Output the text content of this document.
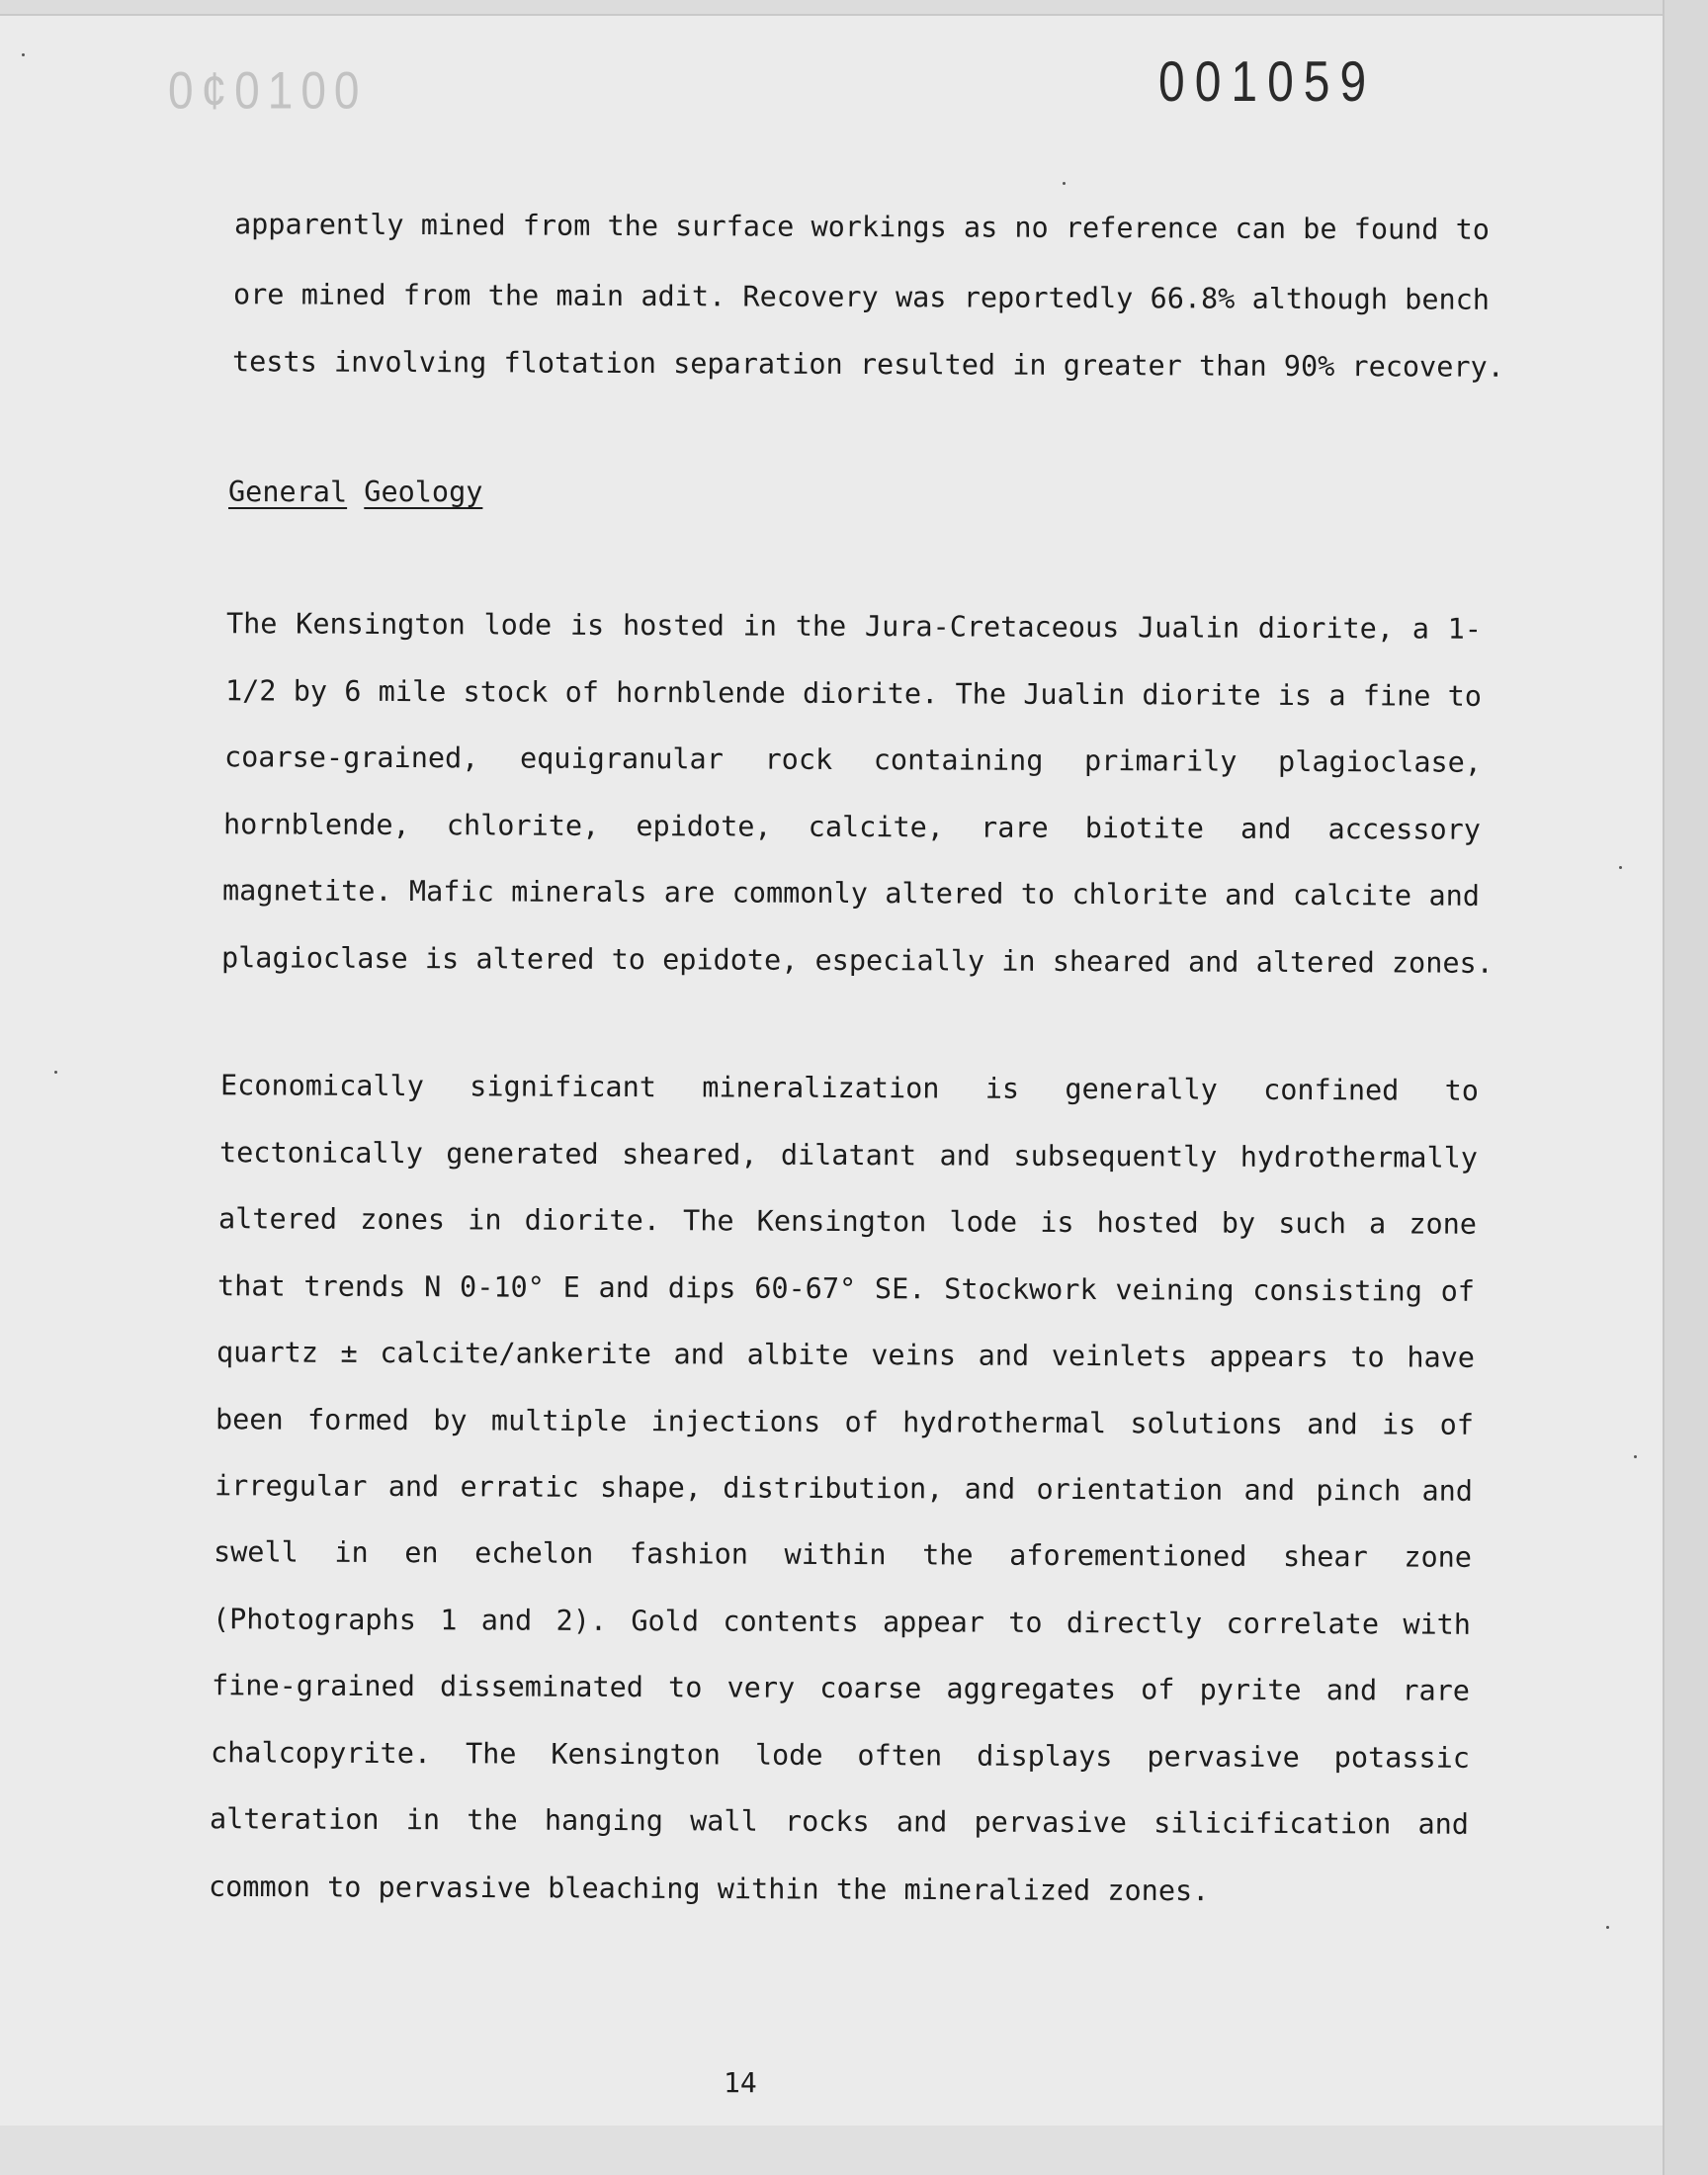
0¢0100	001059
apparently mined from the surface workings as no reference can be found to
ore mined from the main adit. Recovery was reportedly 66.8% although bench
tests involving flotation separation resulted in greater than 90% recovery.
General Geology
The Kensington lode is hosted in the Jura-Cretaceous Jualin diorite, a 1-
1/2 by 6 mile stock of hornblende diorite. The Jualin diorite is a fine to
coarse-grained, equigranular rock containing primarily plagioclase,
hornblende, chlorite, epidote, calcite, rare biotite and accessory
magnetite. Mafic minerals are commonly altered to chlorite and calcite and
plagioclase is altered to epidote, especially in sheared and altered zones.
Economically significant mineralization is generally confined to
tectonically generated sheared, dilatant and subsequently hydrothermally
altered zones in diorite. The Kensington lode is hosted by such a zone
that trends N 0-10° E and dips 60-67° SE. Stockwork veining consisting of
quartz ± calcite/ankerite and albite veins and veinlets appears to have
been formed by multiple injections of hydrothermal solutions and is of
irregular and erratic shape, distribution, and orientation and pinch and
swell in en echelon fashion within the aforementioned shear zone
(Photographs 1 and 2). Gold contents appear to directly correlate with
fine-grained disseminated to very coarse aggregates of pyrite and rare
chalcopyrite. The Kensington lode often displays pervasive potassic
alteration in the hanging wall rocks and pervasive silicification and
common to pervasive bleaching within the mineralized zones.
14
